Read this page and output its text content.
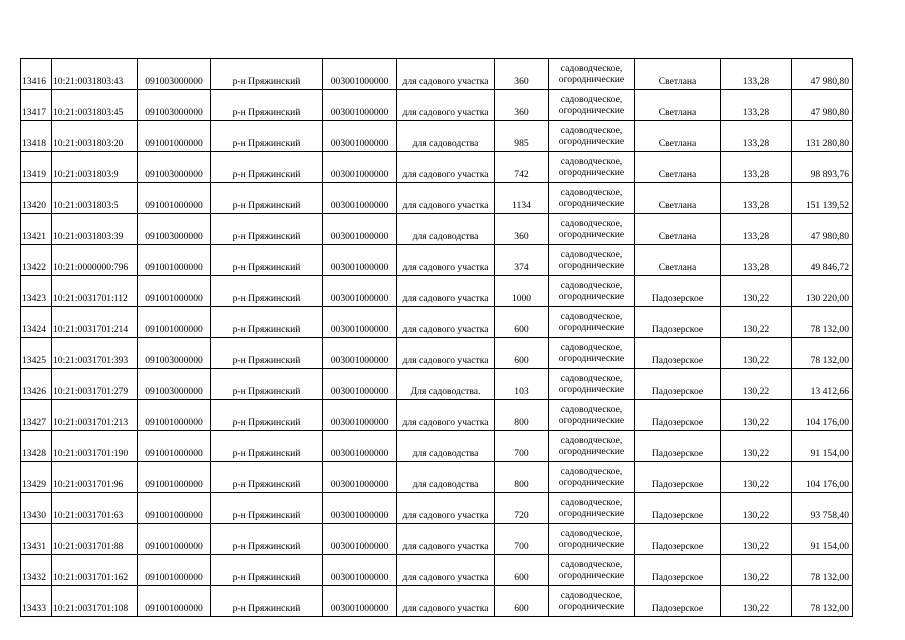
13416	10:21:0031803:43	091003000000	р-н Пряжинский	003001000000	для садового участка	360	садоводческое,
огороднические	Светлана	133,28	47 980,80
13417	10:21:0031803:45	091003000000	р-н Пряжинский	003001000000	для садового участка	360	садоводческое,
огороднические	Светлана	133,28	47 980,80
13418	10:21:0031803:20	091001000000	р-н Пряжинский	003001000000	для садоводства	985	садоводческое,
огороднические	Светлана	133,28	131 280,80
13419	10:21:0031803:9	091003000000	р-н Пряжинский	003001000000	для садового участка	742	садоводческое,
огороднические	Светлана	133,28	98 893,76
13420	10:21:0031803:5	091001000000	р-н Пряжинский	003001000000	для садового участка	1134	садоводческое,
огороднические	Светлана	133,28	151 139,52
13421	10:21:0031803:39	091003000000	р-н Пряжинский	003001000000	для садоводства	360	садоводческое,
огороднические	Светлана	133,28	47 980,80
13422	10:21:0000000:796	091001000000	р-н Пряжинский	003001000000	для садового участка	374	садоводческое,
огороднические	Светлана	133,28	49 846,72
13423	10:21:0031701:112	091001000000	р-н Пряжинский	003001000000	для садового участка	1000	садоводческое,
огороднические	Падозерское	130,22	130 220,00
13424	10:21:0031701:214	091001000000	р-н Пряжинский	003001000000	для садового участка	600	садоводческое,
огороднические	Падозерское	130,22	78 132,00
13425	10:21:0031701:393	091003000000	р-н Пряжинский	003001000000	для садового участка	600	садоводческое,
огороднические	Падозерское	130,22	78 132,00
13426	10:21:0031701:279	091003000000	р-н Пряжинский	003001000000	Для садоводства.	103	садоводческое,
огороднические	Падозерское	130,22	13 412,66
13427	10:21:0031701:213	091001000000	р-н Пряжинский	003001000000	для садового участка	800	садоводческое,
огороднические	Падозерское	130,22	104 176,00
13428	10:21:0031701:190	091001000000	р-н Пряжинский	003001000000	для садоводства	700	садоводческое,
огороднические	Падозерское	130,22	91 154,00
13429	10:21:0031701:96	091001000000	р-н Пряжинский	003001000000	для садоводства	800	садоводческое,
огороднические	Падозерское	130,22	104 176,00
13430	10:21:0031701:63	091001000000	р-н Пряжинский	003001000000	для садового участка	720	садоводческое,
огороднические	Падозерское	130,22	93 758,40
13431	10:21:0031701:88	091001000000	р-н Пряжинский	003001000000	для садового участка	700	садоводческое,
огороднические	Падозерское	130,22	91 154,00
13432	10:21:0031701:162	091001000000	р-н Пряжинский	003001000000	для садового участка	600	садоводческое,
огороднические	Падозерское	130,22	78 132,00
13433	10:21:0031701:108	091001000000	р-н Пряжинский	003001000000	для садового участка	600	садоводческое,
огороднические	Падозерское	130,22	78 132,00
